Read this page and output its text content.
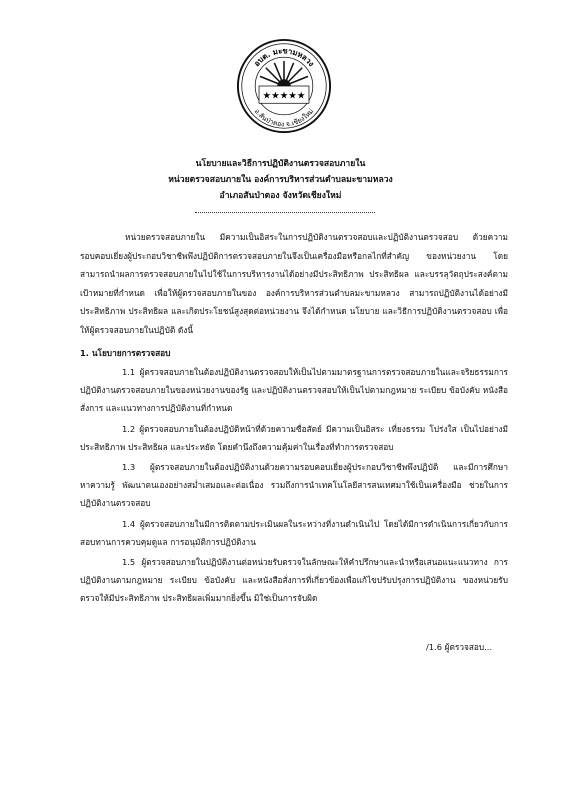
★★★★★
อบต. มะขามหลวง
อ.สันป่าตอง จ.เชียงใหม่
นโยบายและวิธีการปฏิบัติงานตรวจสอบภายใน
หน่วยตรวจสอบภายใน องค์การบริหารส่วนตำบลมะขามหลวง
อำเภอสันป่าตอง จังหวัดเชียงใหม่
หน่วยตรวจสอบภายใน มีความเป็นอิสระในการปฏิบัติงานตรวจสอบและปฏิบัติงานตรวจสอบ ด้วยความรอบคอบเยี่ยงผู้ประกอบวิชาชีพพึงปฏิบัติการตรวจสอบภายในจึงเป็นเครื่องมือหรือกลไกที่สำคัญ ของหน่วยงาน โดยสามารถนำผลการตรวจสอบภายในไปใช้ในการบริหารงานได้อย่างมีประสิทธิภาพ ประสิทธิผล และบรรลุวัตถุประสงค์ตามเป้าหมายที่กำหนด เพื่อให้ผู้ตรวจสอบภายในของ องค์การบริหารส่วนตำบลมะขามหลวง สามารถปฏิบัติงานได้อย่างมีประสิทธิภาพ ประสิทธิผล และเกิดประโยชน์สูงสุดต่อหน่วยงาน จึงได้กำหนด นโยบาย และวิธีการปฏิบัติงานตรวจสอบ เพื่อให้ผู้ตรวจสอบภายในปฏิบัติ ดังนี้
1. นโยบายการตรวจสอบ
1.1 ผู้ตรวจสอบภายในต้องปฏิบัติงานตรวจสอบให้เป็นไปตามมาตรฐานการตรวจสอบภายในและจริยธรรมการปฏิบัติงานตรวจสอบภายในของหน่วยงานของรัฐ และปฏิบัติงานตรวจสอบให้เป็นไปตามกฎหมาย ระเบียบ ข้อบังคับ หนังสือสั่งการ และแนวทางการปฏิบัติงานที่กำหนด
1.2 ผู้ตรวจสอบภายในต้องปฏิบัติหน้าที่ด้วยความซื่อสัตย์ มีความเป็นอิสระ เที่ยงธรรม โปร่งใส เป็นไปอย่างมีประสิทธิภาพ ประสิทธิผล และประหยัด โดยคำนึงถึงความคุ้มค่าในเรื่องที่ทำการตรวจสอบ
1.3 ผู้ตรวจสอบภายในต้องปฏิบัติงานด้วยความรอบคอบเยี่ยงผู้ประกอบวิชาชีพพึงปฏิบัติ และมีการศึกษา หาความรู้ พัฒนาตนเองอย่างสม่ำเสมอและต่อเนื่อง รวมถึงการนำเทคโนโลยีสารสนเทศมาใช้เป็นเครื่องมือ ช่วยในการปฏิบัติงานตรวจสอบ
1.4 ผู้ตรวจสอบภายในมีการติดตามประเมินผลในระหว่างที่งานดำเนินไป โดยได้มีการดำเนินการเกี่ยวกับการสอบทานการควบคุมดูแล การอนุมัติการปฏิบัติงาน
1.5 ผู้ตรวจสอบภายในปฏิบัติงานต่อหน่วยรับตรวจในลักษณะให้คำปรึกษาและนำหรือเสนอแนะแนวทาง การปฏิบัติงานตามกฎหมาย ระเบียบ ข้อบังคับ และหนังสือสั่งการที่เกี่ยวข้องเพื่อแก้ไขปรับปรุงการปฏิบัติงาน ของหน่วยรับตรวจให้มีประสิทธิภาพ ประสิทธิผลเพิ่มมากยิ่งขึ้น มิใช่เป็นการจับผิด
/1.6 ผู้ตรวจสอบ...
